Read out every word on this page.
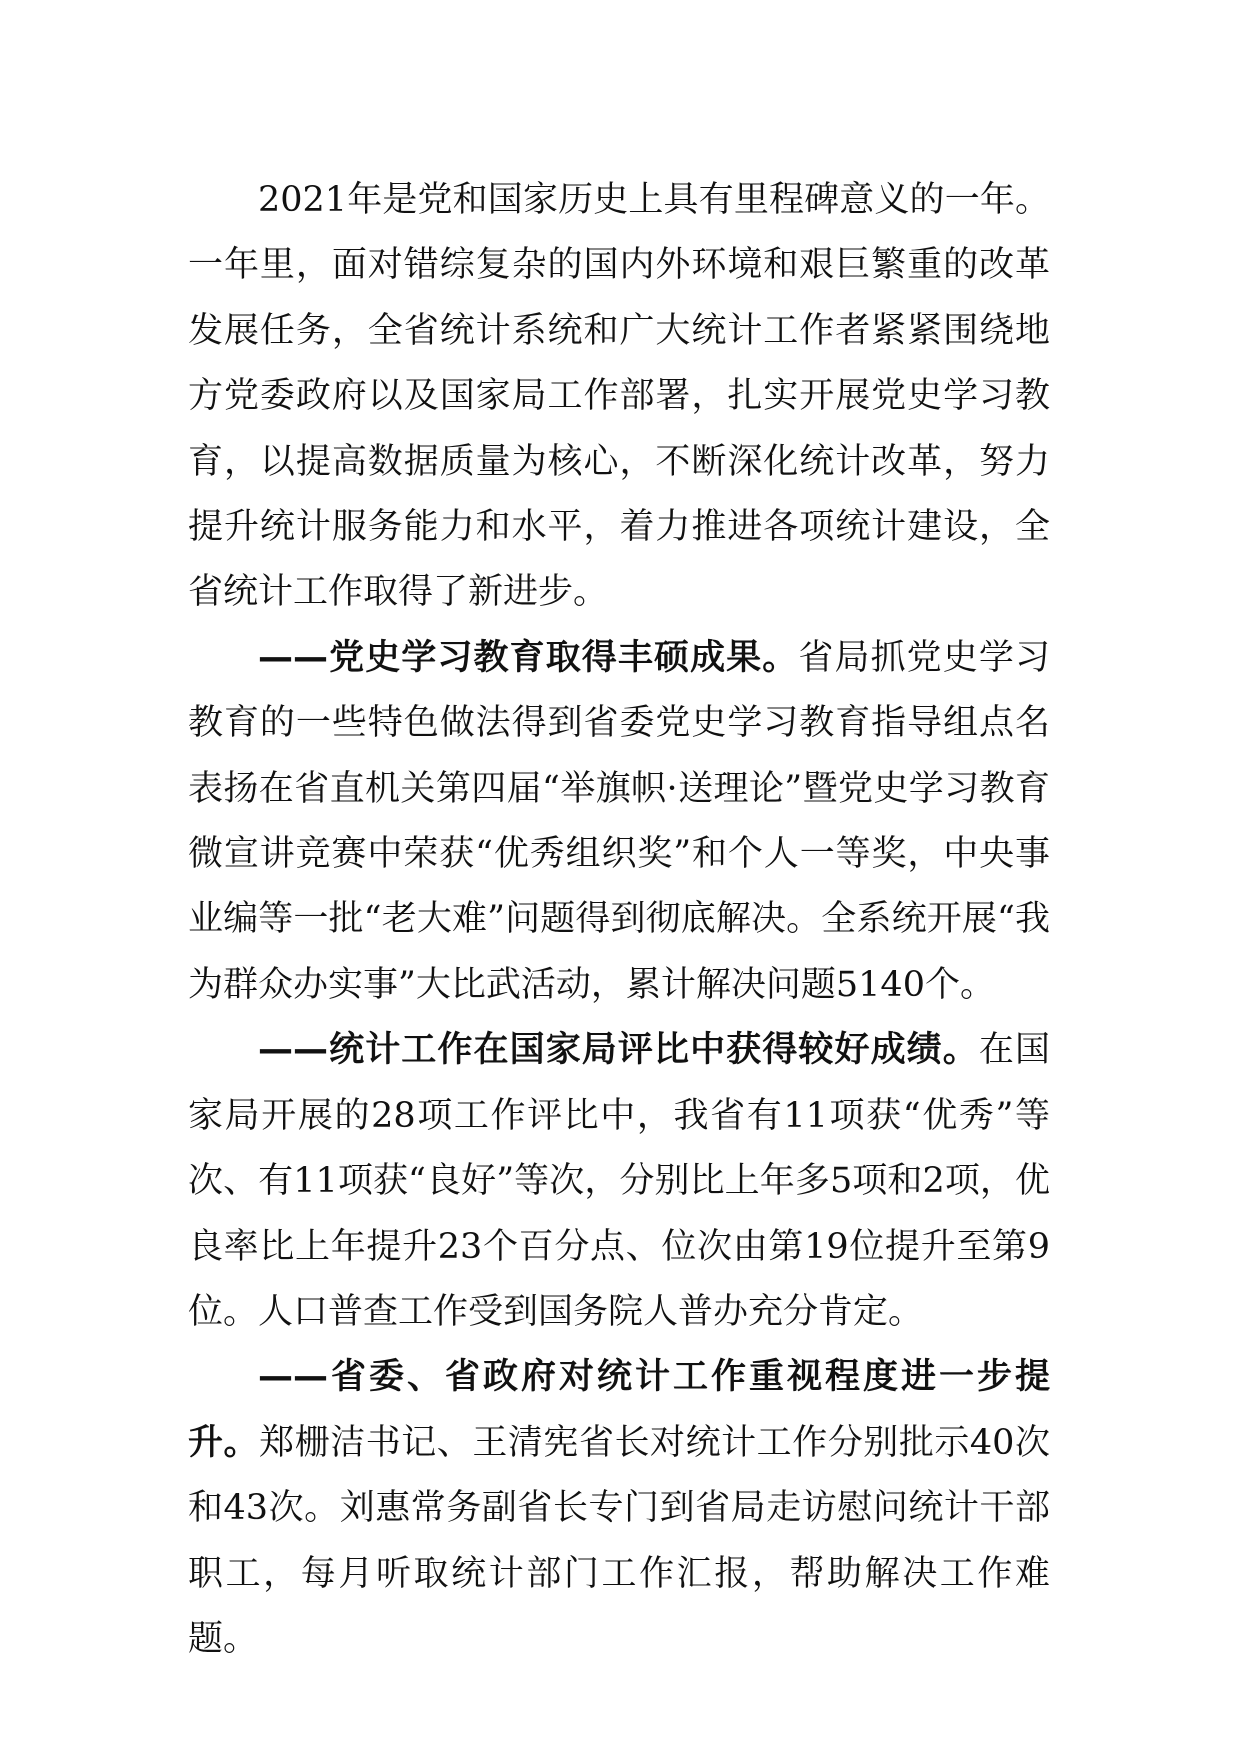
2021年是党和国家历史上具有里程碑意义的一年。一年里，面对错综复杂的国内外环境和艰巨繁重的改革发展任务，全省统计系统和广大统计工作者紧紧围绕地方党委政府以及国家局工作部署，扎实开展党史学习教育，以提高数据质量为核心，不断深化统计改革，努力提升统计服务能力和水平，着力推进各项统计建设，全省统计工作取得了新进步。

——党史学习教育取得丰硕成果。省局抓党史学习教育的一些特色做法得到省委党史学习教育指导组点名表扬在省直机关第四届“举旗帜·送理论”暨党史学习教育微宣讲竞赛中荣获“优秀组织奖”和个人一等奖，中央事业编等一批“老大难”问题得到彻底解决。全系统开展“我为群众办实事”大比武活动，累计解决问题5140个。

——统计工作在国家局评比中获得较好成绩。在国家局开展的28项工作评比中，我省有11项获“优秀”等次、有11项获“良好”等次，分别比上年多5项和2项，优良率比上年提升23个百分点、位次由第19位提升至第9位。人口普查工作受到国务院人普办充分肯定。

——省委、省政府对统计工作重视程度进一步提升。郑栅洁书记、王清宪省长对统计工作分别批示40次和43次。刘惠常务副省长专门到省局走访慰问统计干部职工，每月听取统计部门工作汇报，帮助解决工作难题。
